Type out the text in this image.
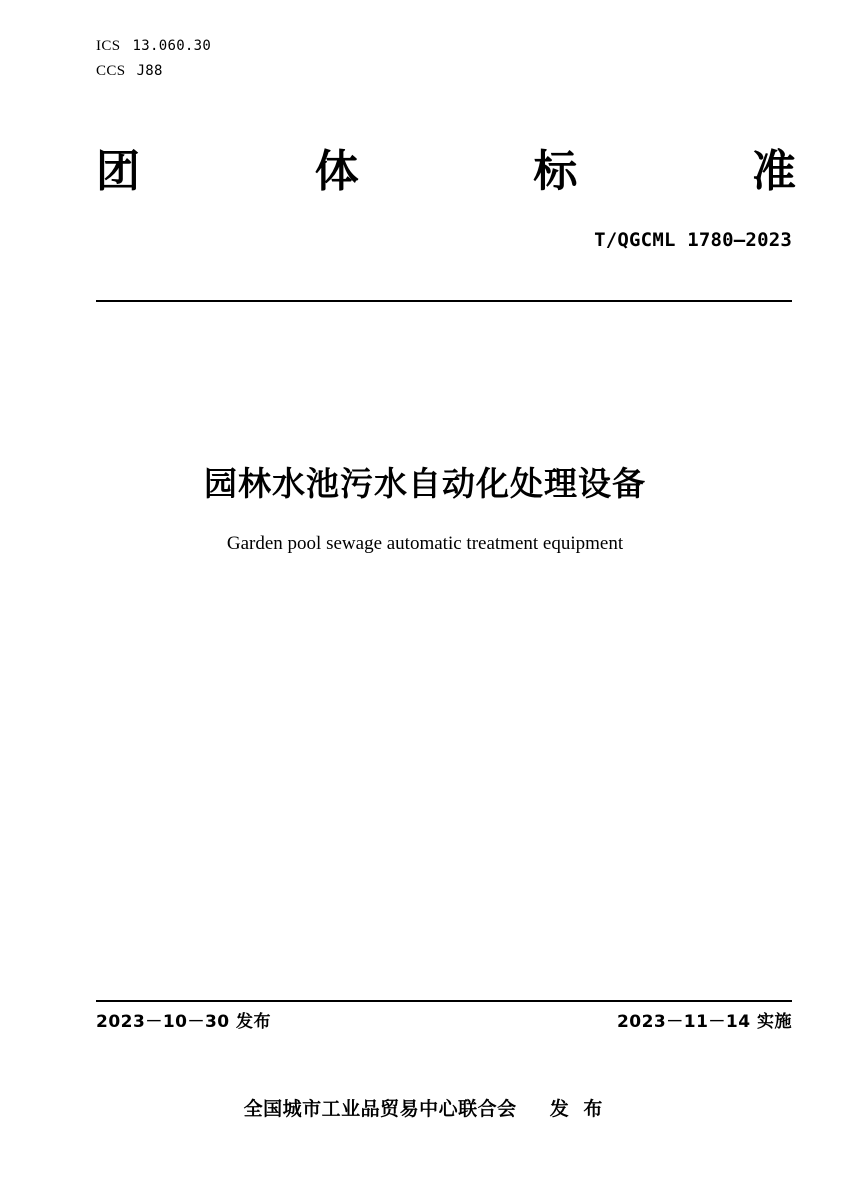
ICS 13.060.30
CCS J88
团	体	标	准
T/QGCML 1780—2023
园林水池污水自动化处理设备
Garden pool sewage automatic treatment equipment
2023－10－30 发布	2023－11－14 实施
全国城市工业品贸易中心联合会 发 布
